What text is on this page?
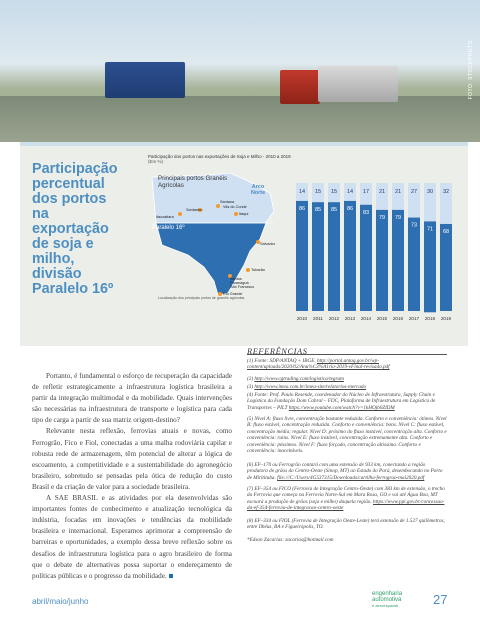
FOTO: STOCKPHOTO
Participação percentual dos portos na exportação de soja e milho, divisão Paralelo 16º
Participação dos portos nas exportações de Soja e Milho - 2010 a 2019
(Em %)
Principais portos Granéis Agrícolas	Arco Norte
Paralelo 16º
Santana
Vila do Conde
Santarém
Itacoatiara
Itaqui
Salvador
Tubarão
Santos
Paranaguá
São Francisco
Rio Grande
Localização dos principais portos de granéis agrícolas
14
86
2010
15
85
2011
15
85
2012
14
86
2013
17
83
2014
21
79
2015
21
79
2016
27
73
2017
30
71
2018
32
68
2019

Portanto, é fundamental o esforço de recuperação da capacidade de refletir estrategicamente a infraestrutura logística brasileira a partir da integração multimodal e da mobilidade. Quais intervenções são necessárias na infraestrutura de transporte e logística para cada tipo de carga a partir de sua matriz origem-destino?

Relevante nesta reflexão, ferrovias atuais e novas, como Ferrogrão, Fico e Fiol, conectadas a uma malha rodoviária capilar e robusta rede de armazenagem, têm potencial de alterar a lógica de escoamento, a competitividade e a sustentabilidade do agronegócio brasileiro, sobretudo se pensadas pela ótica de redução do custo Brasil e da criação de valor para a sociedade brasileira.

A SAE BRASIL e as atividades por ela desenvolvidas são importantes fontes de conhecimento e atualização tecnológica da indústria, focadas em inovações e tendências da mobilidade brasileira e internacional. Esperamos aprimorar a compreensão de barreiras e oportunidades, a exemplo dessa breve reflexão sobre os desafios de infraestrutura logística para o agro brasileiro de forma que o debate de alternativas possa suportar o endereçamento de políticas públicas e o progresso da mobilidade.

REFERÊNCIAS
(1) Fonte: SDP/ANTAQ + IBGE, http://portal.antaq.gov.br/wp-content/uploads/2020/02/Anu%C3%A1rio-2019-vFinal-revisado.pdf
(2) http://www.cgtrading.com/logistica/tegram
(3) http://www.imea.com.br/imea-site/relatorios-mercado
(4) Fonte: Prof. Paulo Resende, coordenador do Núcleo de Infraestrutura, Supply Chain e Logística da Fundação Dom Cabral – FDC, Plataforma de Infraestrutura em Logística de Transportes – PILT https://www.youtube.com/watch?v=1kHOjb0ZlDM
(5) Nível A: fluxo livre, concentração bastante reduzida. Conforto e conveniência: ótimos. Nível B: fluxo estável, concentração reduzida. Conforto e conveniência: bons. Nível C: fluxo estável, concentração média; regular. Nível D: próximo do fluxo instável, concentração alta. Conforto e conveniência: ruins. Nível E: fluxo instável, concentração extremamente alta. Conforto e conveniência: péssimos. Nível F: fluxo forçado, concentração altíssima. Conforto e conveniência: inaceitáveis.
(6) EF–170 ou Ferrogrão contará com uma extensão de 933 km, conectando a região produtora de grãos do Centro-Oeste (Sinop, MT) ao Estado do Pará, desembocando no Porto de Miritituba. file:///C:/Users/4G537315/Downloads/cartilha-ferrograo-mai2020.pdf
(7) EF–354 ou FICO (Ferrovia de Integração Centro-Oeste) com 383 km de extensão, o trecho da Ferrovia que começa na Ferrovia Norte-Sul em Mara Rosa, GO e vai até Água Boa, MT escoará a produção de grãos (soja e milho) daquela região. https://www.ppi.gov.br/concessao-da-ef-354-ferrovia-de-integracao-centro-oeste
(8) EF–334 ou FIOL (Ferrovia de Integração Oeste-Leste) terá extensão de 1.527 quilômetros, entre Ilhéus, BA e Figueirópolis, TO.
*Edson Zacarias: zacarias@hotmail.com
abril/maio/junho
engenharia
automotiva
e aeroespacial	27
